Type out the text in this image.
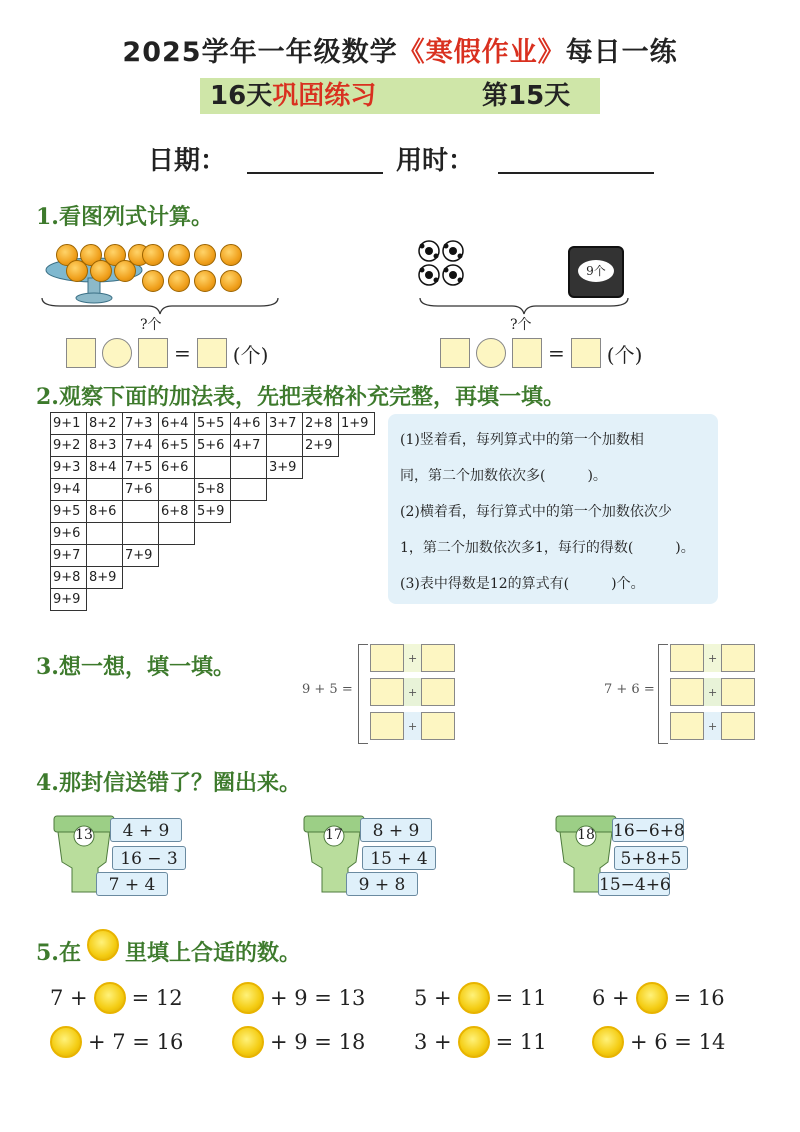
2025学年一年级数学《寒假作业》每日一练
16天巩固练习	第15天
日期：	用时：
1.看图列式计算。
?个
= (个)
9个
?个
= (个)
2.观察下面的加法表，先把表格补充完整，再填一填。
9+1	8+2	7+3	6+4	5+5	4+6	3+7	2+8	1+9
9+2	8+3	7+4	6+5	5+6	4+7		2+9	
9+3	8+4	7+5	6+6			3+9		
9+4		7+6		5+8				
9+5	8+6		6+8	5+9				
9+6								
9+7		7+9						
9+8	8+9							
9+9								
(1)竖着看，每列算式中的第一个加数相
同，第二个加数依次多(　　　)。
(2)横着看，每行算式中的第一个加数依次少
1，第二个加数依次多1，每行的得数(　　　)。
(3)表中得数是12的算式有(　　　)个。
3.想一想，填一填。
9 + 5 =
+
+
+
7 + 6 =
+
+
+
4.那封信送错了？圈出来。
13	4 + 9
16 − 3
7 + 4
17	8 + 9
15 + 4
9 + 8
18 16−6+8
5+8+5
15−4+6
5.在 里填上合适的数。
7 + = 12	+ 9 = 13 5 + = 11 6 + = 16
+ 7 = 16	+ 9 = 18 3 + = 11	+ 6 = 14
